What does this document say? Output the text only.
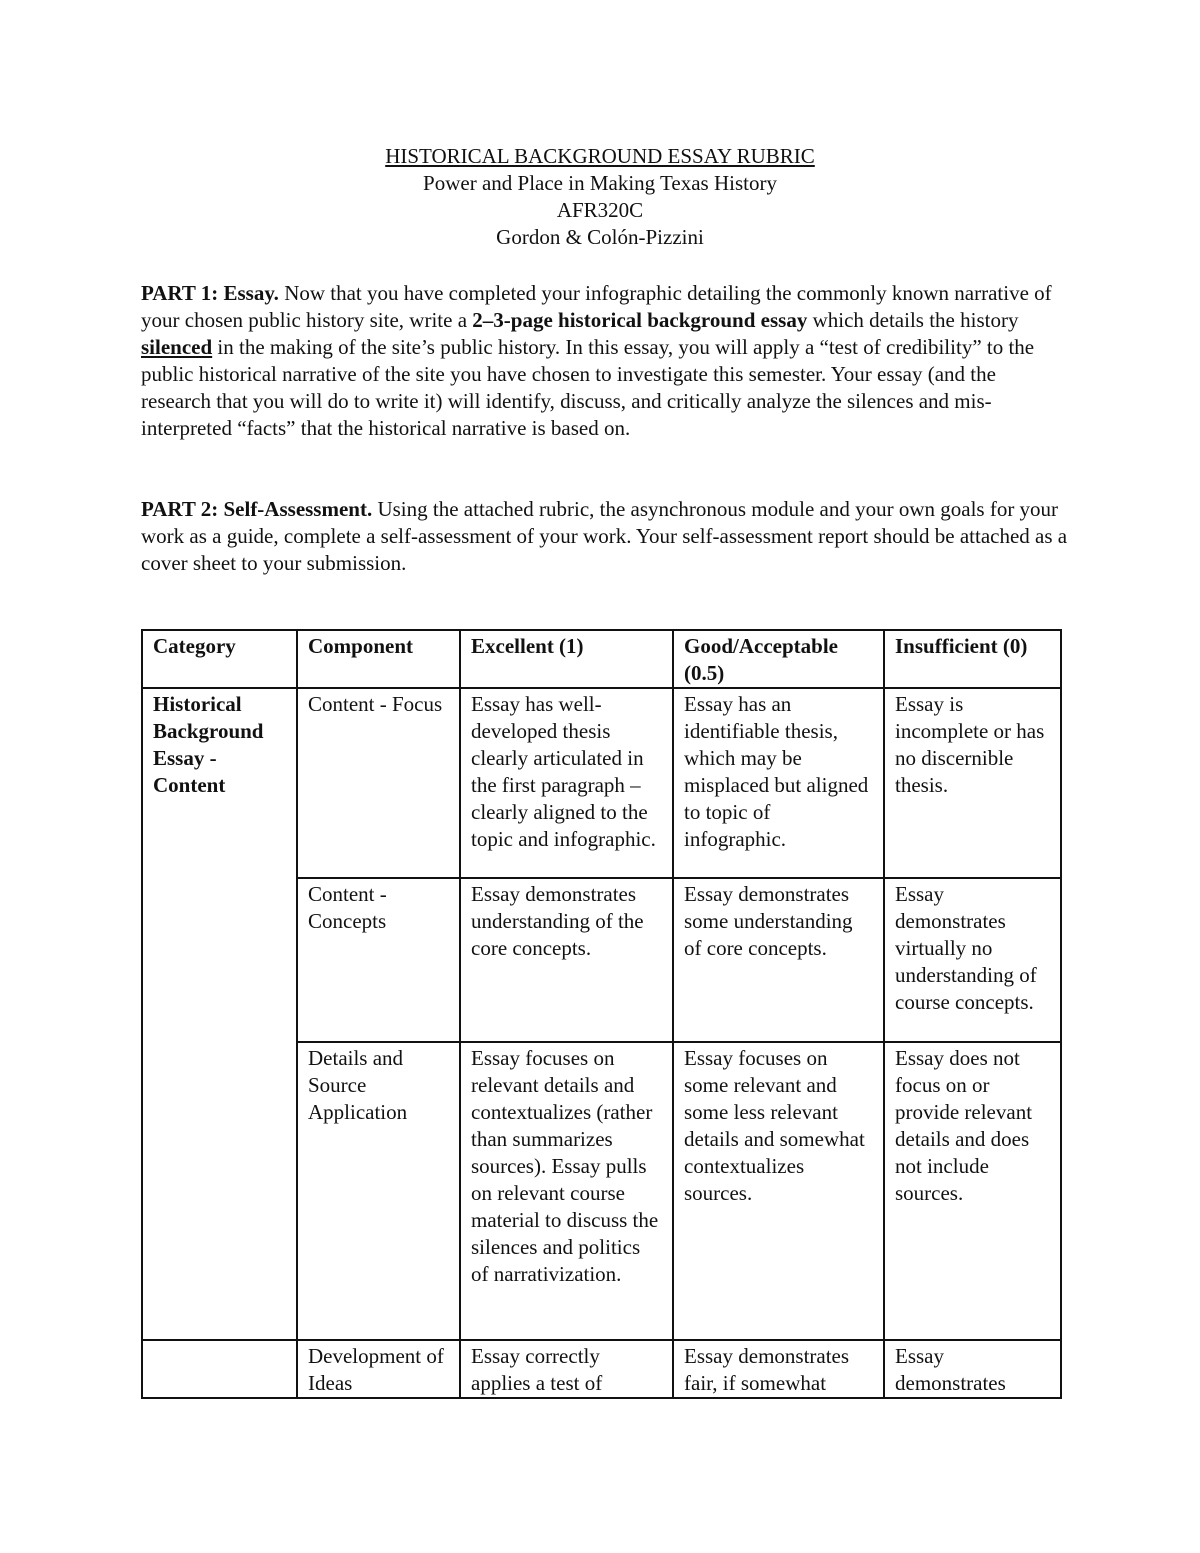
HISTORICAL BACKGROUND ESSAY RUBRIC
Power and Place in Making Texas History
AFR320C
Gordon & Colón-Pizzini
PART 1: Essay. Now that you have completed your infographic detailing the commonly known narrative of your chosen public history site, write a 2–3-page historical background essay which details the history silenced in the making of the site’s public history. In this essay, you will apply a “test of credibility” to the public historical narrative of the site you have chosen to investigate this semester. Your essay (and the research that you will do to write it) will identify, discuss, and critically analyze the silences and mis-interpreted “facts” that the historical narrative is based on.
PART 2: Self-Assessment. Using the attached rubric, the asynchronous module and your own goals for your work as a guide, complete a self-assessment of your work. Your self-assessment report should be attached as a cover sheet to your submission.
Category	Component	Excellent (1)	Good/Acceptable (0.5)	Insufficient (0)
Historical Background Essay - Content	Content - Focus	Essay has well-developed thesis clearly articulated in the first paragraph – clearly aligned to the topic and infographic.	Essay has an identifiable thesis, which may be misplaced but aligned to topic of infographic.	Essay is incomplete or has no discernible thesis.
	Content - Concepts	Essay demonstrates understanding of the core concepts.	Essay demonstrates some understanding of core concepts.	Essay demonstrates virtually no understanding of course concepts.
	Details and Source Application	Essay focuses on relevant details and contextualizes (rather than summarizes sources). Essay pulls on relevant course material to discuss the silences and politics of narrativization.	Essay focuses on some relevant and some less relevant details and somewhat contextualizes sources.	Essay does not focus on or provide relevant details and does not include sources.
	Development of Ideas	Essay correctly applies a test of	Essay demonstrates fair, if somewhat	Essay demonstrates
